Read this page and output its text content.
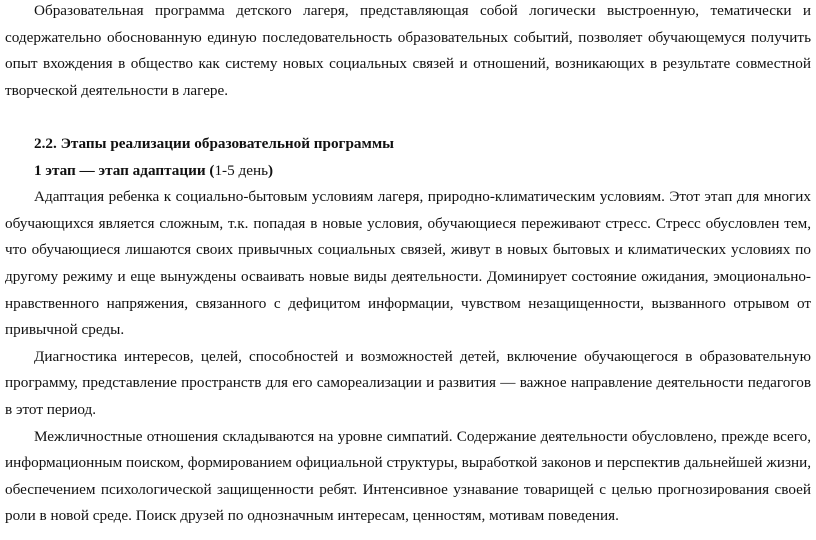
Образовательная программа детского лагеря, представляющая собой логически выстроенную, тематически и содержательно обоснованную единую последовательность образовательных событий, позволяет обучающемуся получить опыт вхождения в общество как систему новых социальных связей и отношений, возникающих в результате совместной творческой деятельности в лагере.

2.2. Этапы реализации образовательной программы

1 этап — этап адаптации (1-5 день)

Адаптация ребенка к социально-бытовым условиям лагеря, природно-климатическим условиям. Этот этап для многих обучающихся является сложным, т.к. попадая в новые условия, обучающиеся переживают стресс. Стресс обусловлен тем, что обучающиеся лишаются своих привычных социальных связей, живут в новых бытовых и климатических условиях по другому режиму и еще вынуждены осваивать новые виды деятельности. Доминирует состояние ожидания, эмоционально-нравственного напряжения, связанного с дефицитом информации, чувством незащищенности, вызванного отрывом от привычной среды.

Диагностика интересов, целей, способностей и возможностей детей, включение обучающегося в образовательную программу, представление пространств для его самореализации и развития — важное направление деятельности педагогов в этот период.

Межличностные отношения складываются на уровне симпатий. Содержание деятельности обусловлено, прежде всего, информационным поиском, формированием официальной структуры, выработкой законов и перспектив дальнейшей жизни, обеспечением психологической защищенности ребят. Интенсивное узнавание товарищей с целью прогнозирования своей роли в новой среде. Поиск друзей по однозначным интересам, ценностям, мотивам поведения.
